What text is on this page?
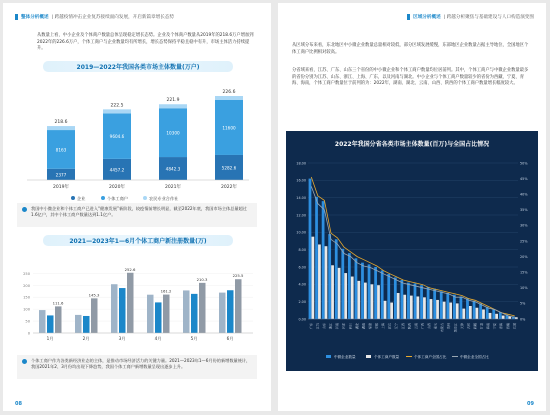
整体分析概述 | 跨越疫情冲击企业复苏接续面向发展，开启新篇章增长态势
从数量上看，中小企业及个体商户数量总体呈现稳定增长态势。企业及个体商户数量从2019年的218.6万户增加到2022年的226.6万户，个体工商户与企业数量均有所增长，增长态势保持平稳且稳中有升，市场主体活力持续提升。
2019—2022年我国各类市场主体数量(万户)
2377
8163
218.6
2019年
4457.2
9604.6
222.5
2020年
4842.3
10300
221.9
2021年
5282.6
11600
226.6
2022年
企业	个体工商户	农民专业合作社
我国中小微企业和个体工商户已进入“健康发展”新阶段，较疫情前增长明显，截至2022年底，我国市场主体总量超过1.6亿户，其中个体工商户数量达到1.1亿户。
2021—2023年1—6月个体工商户新注册数量(万)
0
50
100
150
200
250
111.6
1月
145.3
2月
252.6
3月
161.2
4月
210.3
5月
225.5
6月
个体工商户作为各类新经济业态的主体，是推动市场经济活力的关键力量。2021—2023年1—6月份的新增数量统计，我国2021年2、3月份均出现下降趋势，我国个体工商户新增数量呈现出逐步上升。
08
区域分析概述 | 跨越分析聚焦与基础建设与人口构造演变图
从区域分布来看，东北地区中小微企业数量总量相对较低，部分区域发展缓慢，东部地区企业数量占据主导地位，全国地区个体工商户比例相对较高。
分省域来看，江苏、广东、山东三个省份的中小微企业和个体工商户数量均位居前列。其中，个体工商户与中微企业数量最多的省份分别为江苏、山东、浙江、上海、广东，以及河南与湖北。中小企业与个体工商户数量较少的省份为西藏、宁夏、青海、海南，个体工商户数量位于前列的为：2022年，湖南、湖北、云南、山西、陕西的个体工商户数量增长幅度较大。
2022年我国分省各类市场主体数量(百万)与全国占比情况
18.00
16.00
14.00
12.00
10.00
8.00
6.00
4.00
2.00
0.00
50%
45%
40%
35%
30%
25%
20%
15%
10%
5%
0%
广东 江苏 山东 浙江 河南 河北 四川 湖北 湖南 福建 安徽 上海 北京 辽宁 江西 陕西 云南 广西 山西 重庆 内蒙古 贵州 黑龙江 天津 吉林 新疆 甘肃 海南 宁夏 青海 西藏 兵团
中微企业数量	个体工商户数量	个体工商户全国占比	中微企业全国占比
09
